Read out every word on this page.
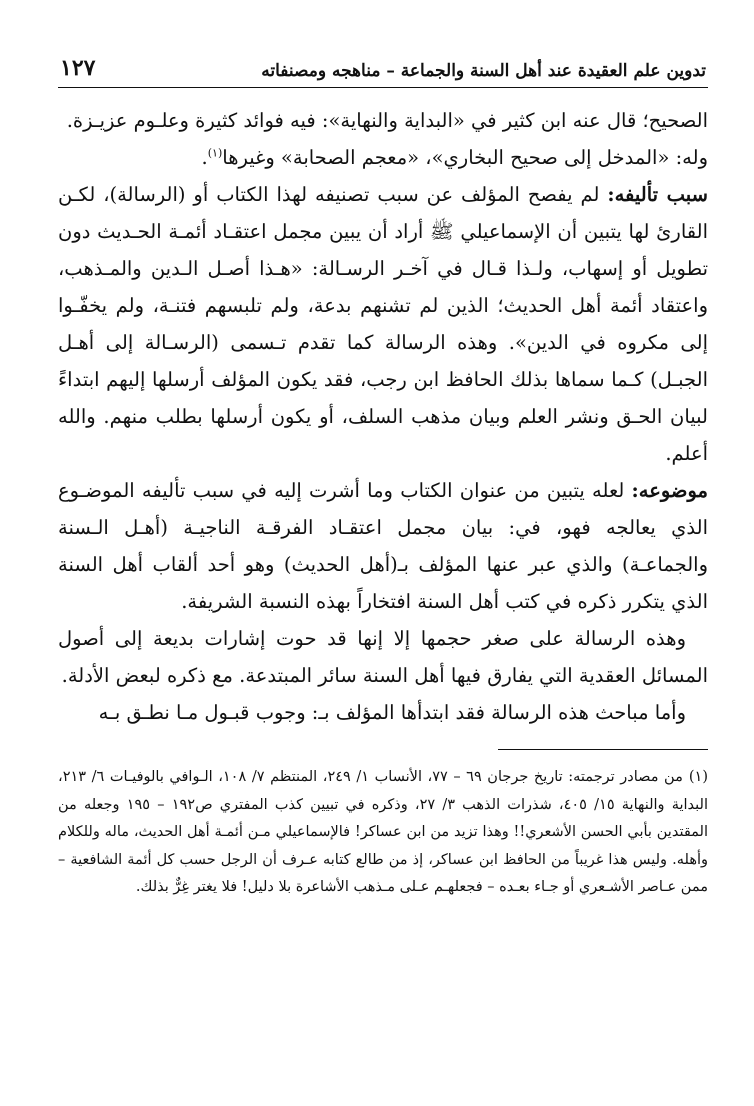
تدوين علم العقيدة عند أهل السنة والجماعة – مناهجه ومصنفاته
١٢٧

الصحيح؛ قال عنه ابن كثير في «البداية والنهاية»: فيه فوائد كثيرة وعلـوم عزيـزة.

وله: «المدخل إلى صحيح البخاري»، «معجم الصحابة» وغيرها$^{(١)}$.

سبب تأليفه: لم يفصح المؤلف عن سبب تصنيفه لهذا الكتاب أو (الرسالة)، لكـن القارئ لها يتبين أن الإسماعيلي ﷺ أراد أن يبين مجمل اعتقـاد أئمـة الحـديث دون تطويل أو إسهاب، ولـذا قـال في آخـر الرسـالة: «هـذا أصـل الـدين والمـذهب، واعتقاد أئمة أهل الحديث؛ الذين لم تشنهم بدعة، ولم تلبسهم فتنـة، ولم يخفّـوا إلى مكروه في الدين». وهذه الرسالة كما تقدم تـسمى (الرسـالة إلى أهـل الجبـل) كـما سماها بذلك الحافظ ابن رجب، فقد يكون المؤلف أرسلها إليهم ابتداءً لبيان الحـق ونشر العلم وبيان مذهب السلف، أو يكون أرسلها بطلب منهم. والله أعلم.

موضوعه: لعله يتبين من عنوان الكتاب وما أشرت إليه في سبب تأليفه الموضـوع الذي يعالجه فهو، في: بيان مجمل اعتقـاد الفرقـة الناجيـة (أهـل الـسنة والجماعـة) والذي عبر عنها المؤلف بـ(أهل الحديث) وهو أحد ألقاب أهل السنة الذي يتكرر ذكره في كتب أهل السنة افتخاراً بهذه النسبة الشريفة.

وهذه الرسالة على صغر حجمها إلا إنها قد حوت إشارات بديعة إلى أصول المسائل العقدية التي يفارق فيها أهل السنة سائر المبتدعة. مع ذكره لبعض الأدلة.

وأما مباحث هذه الرسالة فقد ابتدأها المؤلف بـ: وجوب قبـول مـا نطـق بـه

(١)من مصادر ترجمته: تاريخ جرجان ٦٩ – ٧٧، الأنساب ١/ ٢٤٩، المنتظم ٧/ ١٠٨، الـوافي بالوفيـات ٦/ ٢١٣، البداية والنهاية ١٥/ ٤٠٥، شذرات الذهب ٣/ ٢٧، وذكره في تبيين كذب المفتري ص١٩٢ – ١٩٥ وجعله من المقتدين بأبي الحسن الأشعري!! وهذا تزيد من ابن عساكر! فالإسماعيلي مـن أئمـة أهل الحديث، ماله وللكلام وأهله. وليس هذا غريباً من الحافظ ابن عساكر، إذ من طالع كتابه عـرف أن الرجل حسب كل أئمة الشافعية – ممن عـاصر الأشـعري أو جـاء بعـده – فجعلهـم عـلى مـذهب الأشاعرة بلا دليل! فلا يغتر غِرٌّ بذلك.
